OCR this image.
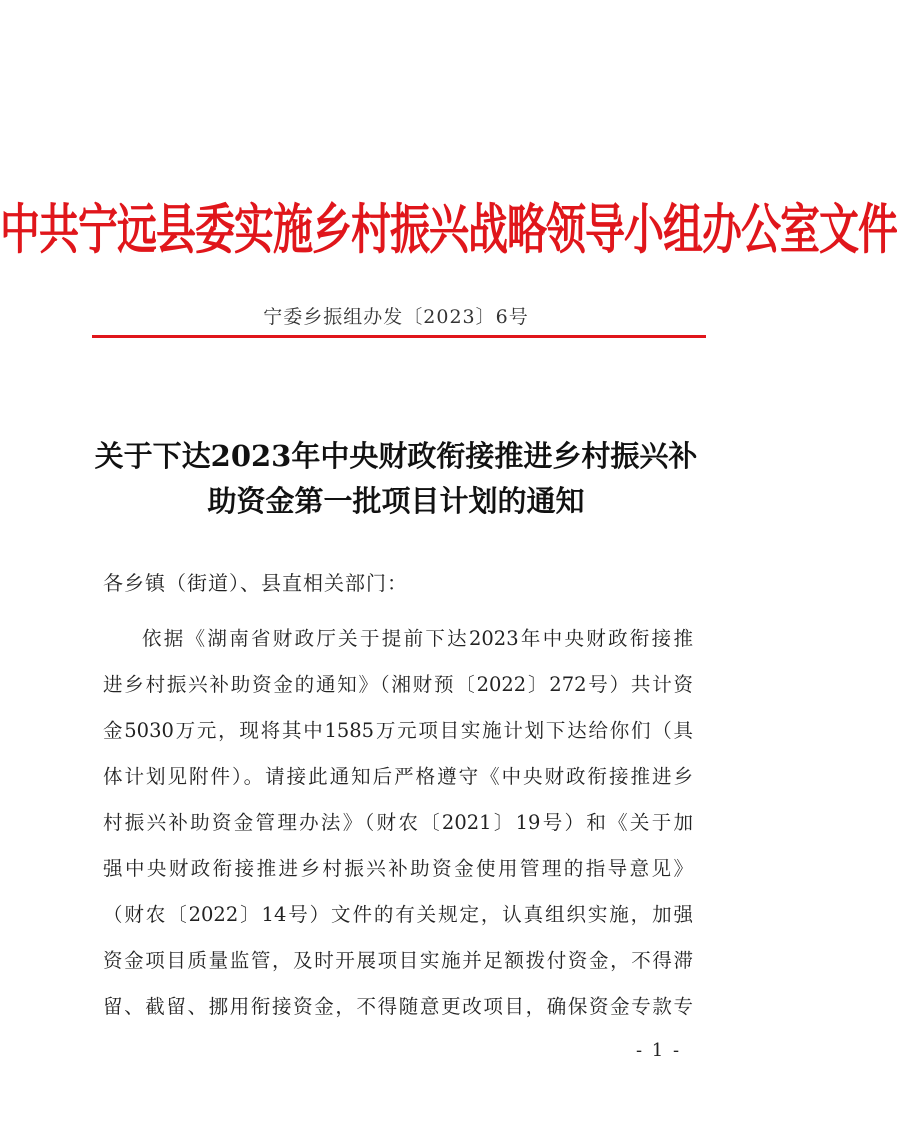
中共宁远县委实施乡村振兴战略领导小组办公室文件
宁委乡振组办发〔2023〕6号
关于下达2023年中央财政衔接推进乡村振兴补
助资金第一批项目计划的通知
各乡镇（街道）、县直相关部门：
依据《湖南省财政厅关于提前下达2023年中央财政衔接推
进乡村振兴补助资金的通知》（湘财预〔2022〕272号）共计资
金5030万元，现将其中1585万元项目实施计划下达给你们（具
体计划见附件）。请接此通知后严格遵守《中央财政衔接推进乡
村振兴补助资金管理办法》（财农〔2021〕19号）和《关于加
强中央财政衔接推进乡村振兴补助资金使用管理的指导意见》
（财农〔2022〕14号）文件的有关规定，认真组织实施，加强
资金项目质量监管，及时开展项目实施并足额拨付资金，不得滞
留、截留、挪用衔接资金，不得随意更改项目，确保资金专款专
- 1 -
